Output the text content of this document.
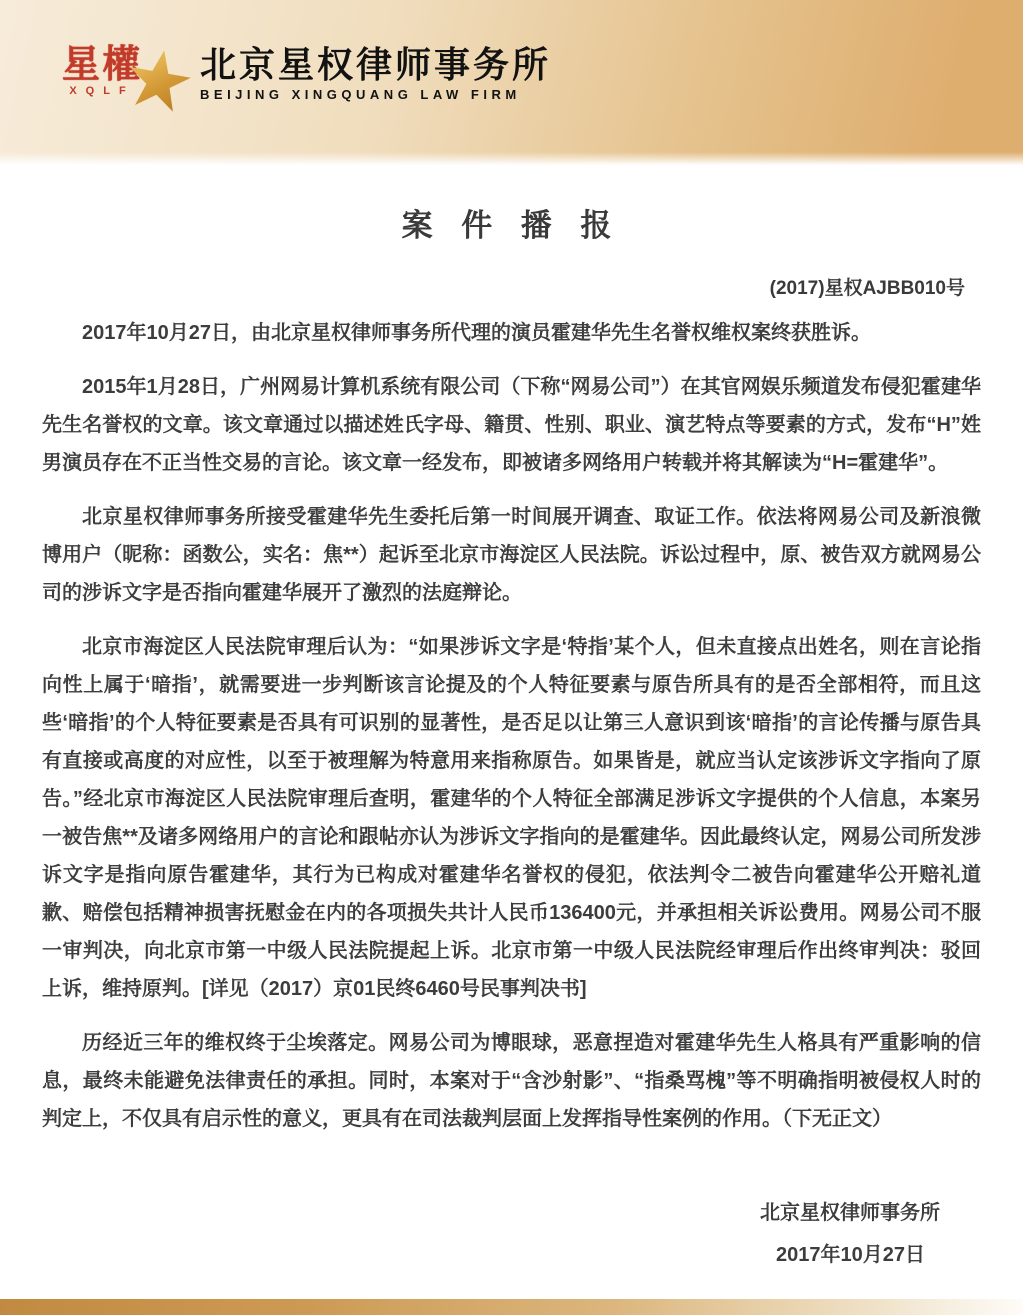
星權
XQLF
北京星权律师事务所
BEIJING XINGQUANG LAW FIRM
案 件 播 报
(2017)星权AJBB010号

2017年10月27日，由北京星权律师事务所代理的演员霍建华先生名誉权维权案终获胜诉。

2015年1月28日，广州网易计算机系统有限公司（下称“网易公司”）在其官网娱乐频道发布侵犯霍建华先生名誉权的文章。该文章通过以描述姓氏字母、籍贯、性别、职业、演艺特点等要素的方式，发布“H”姓男演员存在不正当性交易的言论。该文章一经发布，即被诸多网络用户转载并将其解读为“H=霍建华”。

北京星权律师事务所接受霍建华先生委托后第一时间展开调查、取证工作。依法将网易公司及新浪微博用户（昵称：函数公，实名：焦**）起诉至北京市海淀区人民法院。诉讼过程中，原、被告双方就网易公司的涉诉文字是否指向霍建华展开了激烈的法庭辩论。

北京市海淀区人民法院审理后认为：“如果涉诉文字是‘特指’某个人，但未直接点出姓名，则在言论指向性上属于‘暗指’，就需要进一步判断该言论提及的个人特征要素与原告所具有的是否全部相符，而且这些‘暗指’的个人特征要素是否具有可识别的显著性，是否足以让第三人意识到该‘暗指’的言论传播与原告具有直接或高度的对应性，以至于被理解为特意用来指称原告。如果皆是，就应当认定该涉诉文字指向了原告。”经北京市海淀区人民法院审理后查明，霍建华的个人特征全部满足涉诉文字提供的个人信息，本案另一被告焦**及诸多网络用户的言论和跟帖亦认为涉诉文字指向的是霍建华。因此最终认定，网易公司所发涉诉文字是指向原告霍建华，其行为已构成对霍建华名誉权的侵犯，依法判令二被告向霍建华公开赔礼道歉、赔偿包括精神损害抚慰金在内的各项损失共计人民币136400元，并承担相关诉讼费用。网易公司不服一审判决，向北京市第一中级人民法院提起上诉。北京市第一中级人民法院经审理后作出终审判决：驳回上诉，维持原判。[详见（2017）京01民终6460号民事判决书]

历经近三年的维权终于尘埃落定。网易公司为博眼球，恶意捏造对霍建华先生人格具有严重影响的信息，最终未能避免法律责任的承担。同时，本案对于“含沙射影”、“指桑骂槐”等不明确指明被侵权人时的判定上，不仅具有启示性的意义，更具有在司法裁判层面上发挥指导性案例的作用。（下无正文）

北京星权律师事务所
2017年10月27日
